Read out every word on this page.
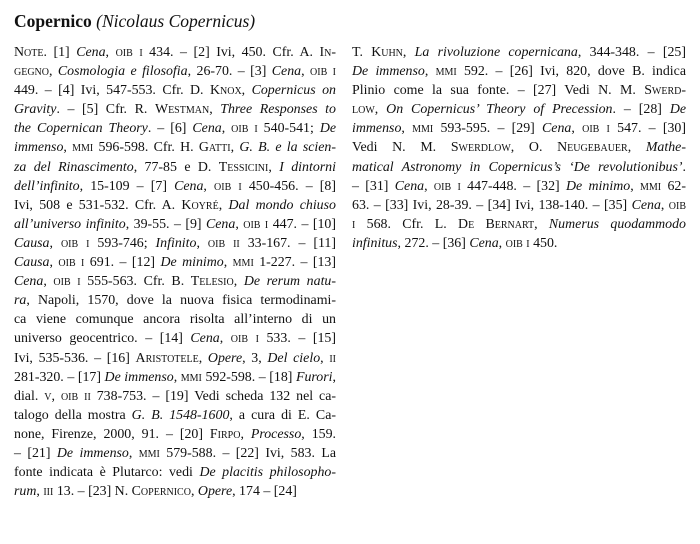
Copernico (Nicolaus Copernicus)
Note. [1] Cena, oib i 434. – [2] Ivi, 450. Cfr. A. In-
gegno, Cosmologia e filosofia, 26-70. – [3] Cena, oib i
449. – [4] Ivi, 547-553. Cfr. D. Knox, Copernicus on
Gravity. – [5] Cfr. R. Westman, Three Responses to
the Copernican Theory. – [6] Cena, oib i 540-541; De
immenso, mmi 596-598. Cfr. H. Gatti, G. B. e la scien-
za del Rinascimento, 77-85 e D. Tessicini, I dintorni
dell’infinito, 15-109 – [7] Cena, oib i 450-456. – [8]
Ivi, 508 e 531-532. Cfr. A. Koyré, Dal mondo chiuso
all’universo infinito, 39-55. – [9] Cena, oib i 447. – [10]
Causa, oib i 593-746; Infinito, oib ii 33-167. – [11]
Causa, oib i 691. – [12] De minimo, mmi 1-227. – [13]
Cena, oib i 555-563. Cfr. B. Telesio, De rerum natu-
ra, Napoli, 1570, dove la nuova fisica termodinami-
ca viene comunque ancora risolta all’interno di un
universo geocentrico. – [14] Cena, oib i 533. – [15]
Ivi, 535-536. – [16] Aristotele, Opere, 3, Del cielo, ii
281-320. – [17] De immenso, mmi 592-598. – [18] Furori,
dial. v, oib ii 738-753. – [19] Vedi scheda 132 nel ca-
talogo della mostra G. B. 1548-1600, a cura di E. Ca-
none, Firenze, 2000, 91. – [20] Firpo, Processo, 159.
– [21] De immenso, mmi 579-588. – [22] Ivi, 583. La
fonte indicata è Plutarco: vedi De placitis philosopho-
rum, iii 13. – [23] N. Copernico, Opere, 174 – [24]
T. Kuhn, La rivoluzione copernicana, 344-348. – [25]
De immenso, mmi 592. – [26] Ivi, 820, dove B. indica
Plinio come la sua fonte. – [27] Vedi N. M. Swerd-
low, On Copernicus’ Theory of Precession. – [28] De
immenso, mmi 593-595. – [29] Cena, oib i 547. – [30]
Vedi N. M. Swerdlow, O. Neugebauer, Mathe-
matical Astronomy in Copernicus’s ‘De revolutionibus’.
– [31] Cena, oib i 447-448. – [32] De minimo, mmi 62-
63. – [33] Ivi, 28-39. – [34] Ivi, 138-140. – [35] Cena, oib
i 568. Cfr. L. De Bernart, Numerus quodammodo
infinitus, 272. – [36] Cena, oib i 450.
